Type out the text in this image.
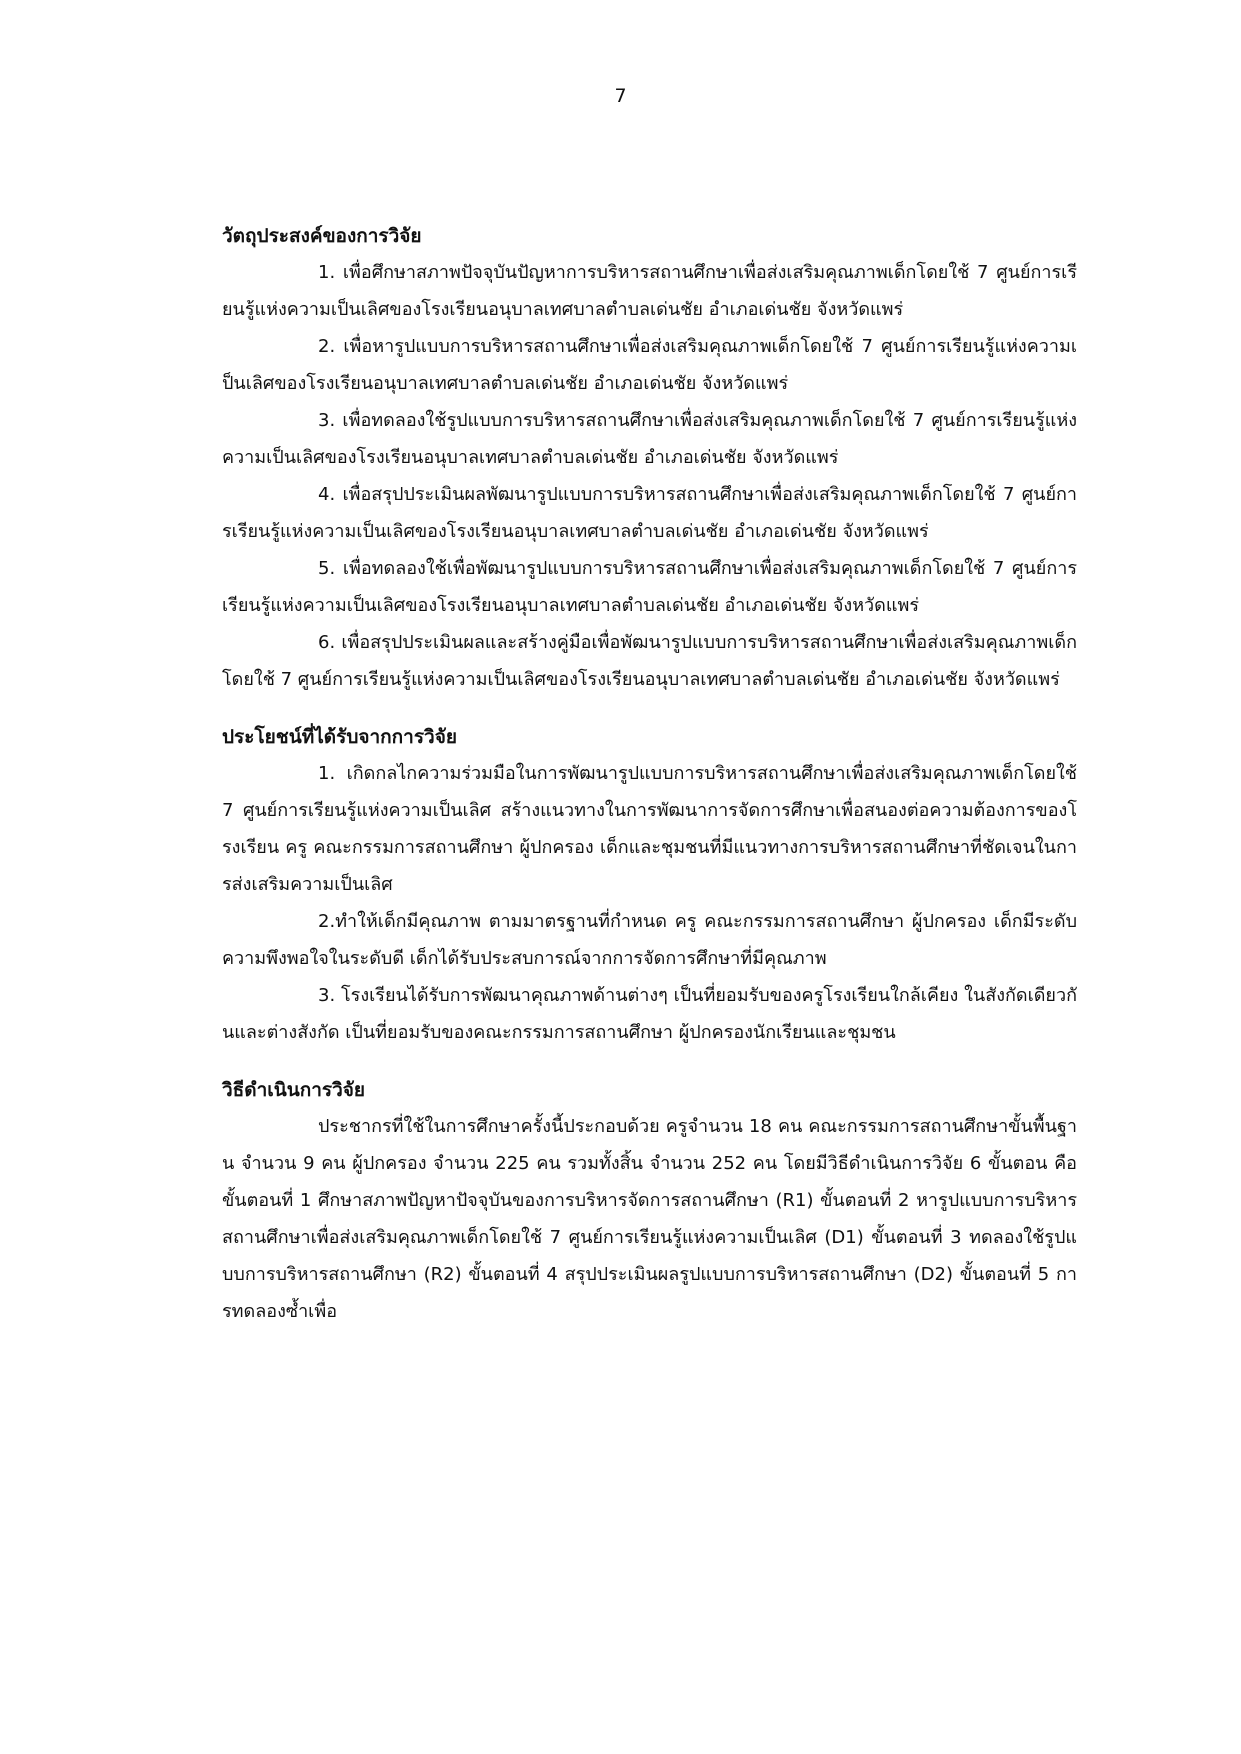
7

วัตถุประสงค์ของการวิจัย

1. เพื่อศึกษาสภาพปัจจุบันปัญหาการบริหารสถานศึกษาเพื่อส่งเสริมคุณภาพเด็กโดยใช้ 7 ศูนย์การเรียนรู้แห่งความเป็นเลิศของโรงเรียนอนุบาลเทศบาลตำบลเด่นชัย อำเภอเด่นชัย จังหวัดแพร่

2. เพื่อหารูปแบบการบริหารสถานศึกษาเพื่อส่งเสริมคุณภาพเด็กโดยใช้ 7 ศูนย์การเรียนรู้แห่งความเป็นเลิศของโรงเรียนอนุบาลเทศบาลตำบลเด่นชัย อำเภอเด่นชัย จังหวัดแพร่

3. เพื่อทดลองใช้รูปแบบการบริหารสถานศึกษาเพื่อส่งเสริมคุณภาพเด็กโดยใช้ 7 ศูนย์การเรียนรู้แห่งความเป็นเลิศของโรงเรียนอนุบาลเทศบาลตำบลเด่นชัย อำเภอเด่นชัย จังหวัดแพร่

4. เพื่อสรุปประเมินผลพัฒนารูปแบบการบริหารสถานศึกษาเพื่อส่งเสริมคุณภาพเด็กโดยใช้ 7 ศูนย์การเรียนรู้แห่งความเป็นเลิศของโรงเรียนอนุบาลเทศบาลตำบลเด่นชัย อำเภอเด่นชัย จังหวัดแพร่

5. เพื่อทดลองใช้เพื่อพัฒนารูปแบบการบริหารสถานศึกษาเพื่อส่งเสริมคุณภาพเด็กโดยใช้ 7 ศูนย์การเรียนรู้แห่งความเป็นเลิศของโรงเรียนอนุบาลเทศบาลตำบลเด่นชัย อำเภอเด่นชัย จังหวัดแพร่

6. เพื่อสรุปประเมินผลและสร้างคู่มือเพื่อพัฒนารูปแบบการบริหารสถานศึกษาเพื่อส่งเสริมคุณภาพเด็กโดยใช้ 7 ศูนย์การเรียนรู้แห่งความเป็นเลิศของโรงเรียนอนุบาลเทศบาลตำบลเด่นชัย อำเภอเด่นชัย จังหวัดแพร่

ประโยชน์ที่ได้รับจากการวิจัย

1. เกิดกลไกความร่วมมือในการพัฒนารูปแบบการบริหารสถานศึกษาเพื่อส่งเสริมคุณภาพเด็กโดยใช้ 7 ศูนย์การเรียนรู้แห่งความเป็นเลิศ สร้างแนวทางในการพัฒนาการจัดการศึกษาเพื่อสนองต่อความต้องการของโรงเรียน ครู คณะกรรมการสถานศึกษา ผู้ปกครอง เด็กและชุมชนที่มีแนวทางการบริหารสถานศึกษาที่ชัดเจนในการส่งเสริมความเป็นเลิศ

2.ทำให้เด็กมีคุณภาพ ตามมาตรฐานที่กำหนด ครู คณะกรรมการสถานศึกษา ผู้ปกครอง เด็กมีระดับความพึงพอใจในระดับดี เด็กได้รับประสบการณ์จากการจัดการศึกษาที่มีคุณภาพ

3. โรงเรียนได้รับการพัฒนาคุณภาพด้านต่างๆ เป็นที่ยอมรับของครูโรงเรียนใกล้เคียง ในสังกัดเดียวกันและต่างสังกัด เป็นที่ยอมรับของคณะกรรมการสถานศึกษา ผู้ปกครองนักเรียนและชุมชน

วิธีดำเนินการวิจัย

ประชากรที่ใช้ในการศึกษาครั้งนี้ประกอบด้วย ครูจำนวน 18 คน คณะกรรมการสถานศึกษาขั้นพื้นฐาน จำนวน 9 คน ผู้ปกครอง จำนวน 225 คน รวมทั้งสิ้น จำนวน 252 คน โดยมีวิธีดำเนินการวิจัย 6 ขั้นตอน คือ ขั้นตอนที่ 1 ศึกษาสภาพปัญหาปัจจุบันของการบริหารจัดการสถานศึกษา (R1) ขั้นตอนที่ 2 หารูปแบบการบริหารสถานศึกษาเพื่อส่งเสริมคุณภาพเด็กโดยใช้ 7 ศูนย์การเรียนรู้แห่งความเป็นเลิศ (D1) ขั้นตอนที่ 3 ทดลองใช้รูปแบบการบริหารสถานศึกษา (R2) ขั้นตอนที่ 4 สรุปประเมินผลรูปแบบการบริหารสถานศึกษา (D2) ขั้นตอนที่ 5 การทดลองซ้ำเพื่อ
